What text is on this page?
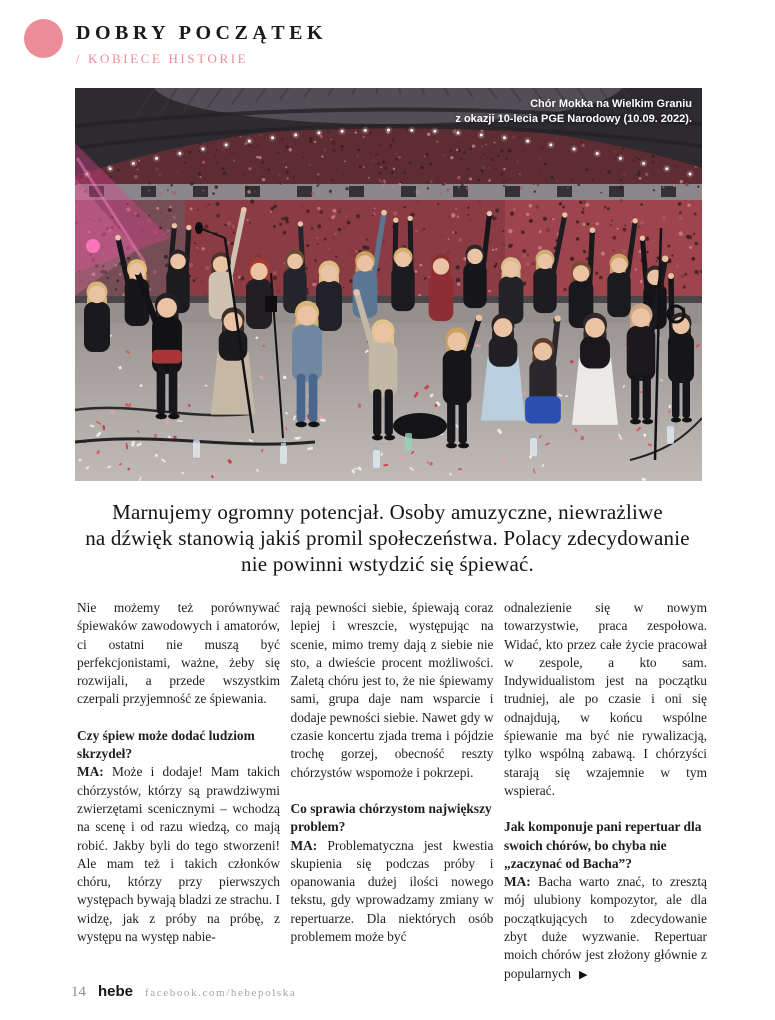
DOBRY POCZĄTEK
/ KOBIECE HISTORIE
Chór Mokka na Wielkim Graniu
z okazji 10-lecia PGE Narodowy (10.09. 2022).
Marnujemy ogromny potencjał. Osoby amuzyczne, niewrażliwe
na dźwięk stanowią jakiś promil społeczeństwa. Polacy zdecydowanie
nie powinni wstydzić się śpiewać.

Nie możemy też porównywać śpiewaków zawodowych i amatorów, ci ostatni nie muszą być perfekcjonistami, ważne, żeby się rozwijali, a przede wszystkim czerpali przyjemność ze śpiewania.

Czy śpiew może dodać ludziom skrzydeł?

MA: Może i dodaje! Mam takich chórzystów, którzy są prawdziwymi zwierzętami scenicznymi – wchodzą na scenę i od razu wiedzą, co mają robić. Jakby byli do tego stworzeni! Ale mam też i takich członków chóru, którzy przy pierwszych występach bywają bladzi ze strachu. I widzę, jak z próby na próbę, z występu na występ nabie-

rają pewności siebie, śpiewają coraz lepiej i wreszcie, występując na scenie, mimo tremy dają z siebie nie sto, a dwieście procent możliwości. Zaletą chóru jest to, że nie śpiewamy sami, grupa daje nam wsparcie i dodaje pewności siebie. Nawet gdy w czasie koncertu zjada trema i pójdzie trochę gorzej, obecność reszty chórzystów wspomoże i pokrzepi.

Co sprawia chórzystom największy problem?

MA: Problematyczna jest kwestia skupienia się podczas próby i opanowania dużej ilości nowego tekstu, gdy wprowadzamy zmiany w repertuarze. Dla niektórych osób problemem może być

odnalezienie się w nowym towarzystwie, praca zespołowa. Widać, kto przez całe życie pracował w zespole, a kto sam. Indywidualistom jest na początku trudniej, ale po czasie i oni się odnajdują, w końcu wspólne śpiewanie ma być nie rywalizacją, tylko wspólną zabawą. I chórzyści starają się wzajemnie w tym wspierać.

Jak komponuje pani repertuar dla swoich chórów, bo chyba nie „zaczynać od Bacha”?

MA: Bacha warto znać, to zresztą mój ulubiony kompozytor, ale dla początkujących to zdecydowanie zbyt duże wyzwanie. Repertuar moich chórów jest złożony głównie z popularnych ▶

14 hebe facebook.com/hebepolska
